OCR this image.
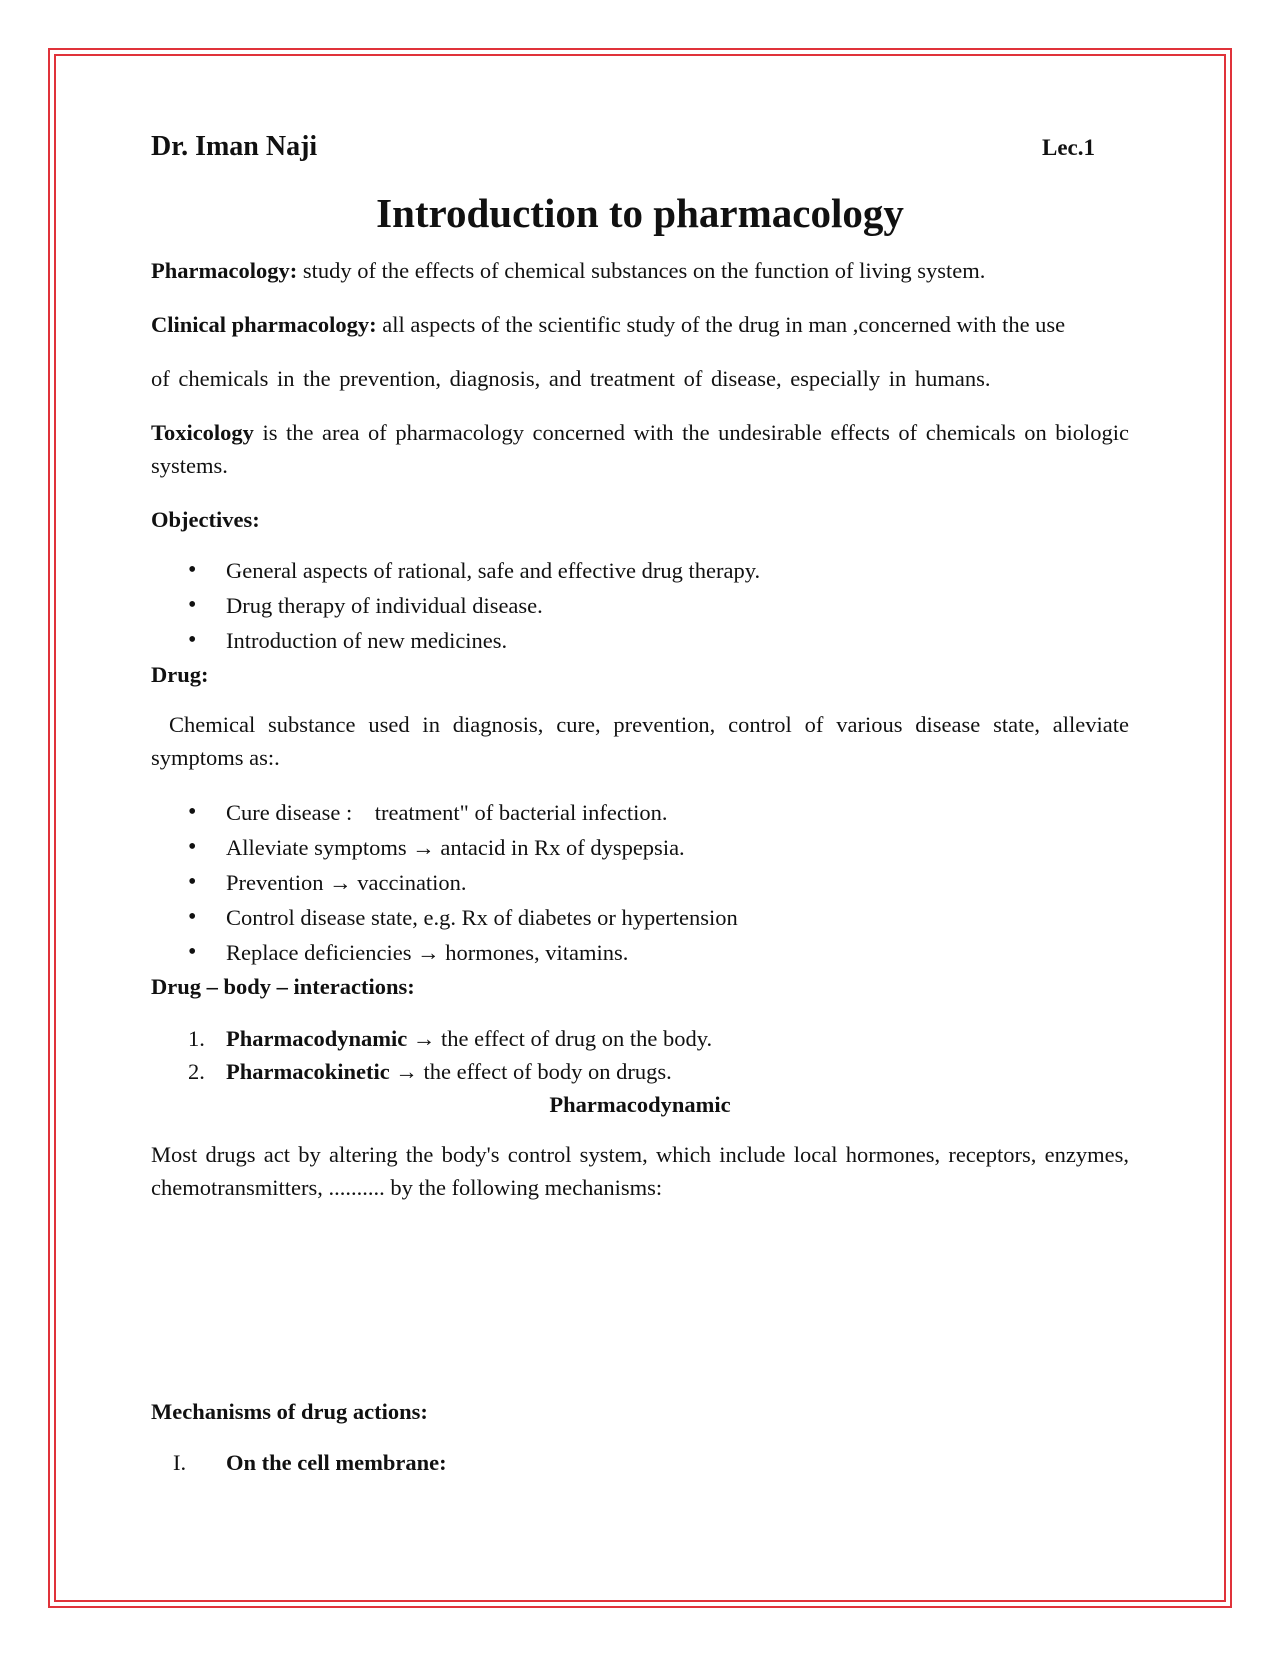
Dr. Iman Naji	Lec.1
Introduction to pharmacology

Pharmacology: study of the effects of chemical substances on the function of living system.

Clinical pharmacology: all aspects of the scientific study of the drug in man ,concerned with the use

of chemicals in the prevention, diagnosis, and treatment of disease, especially in humans.

Toxicology is the area of pharmacology concerned with the undesirable effects of chemicals on biologic systems.

Objectives:
• General aspects of rational, safe and effective drug therapy.
• Drug therapy of individual disease.
• Introduction of new medicines.
Drug:

Chemical substance used in diagnosis, cure, prevention, control of various disease state, alleviate symptoms as:.

• Cure disease :    treatment" of bacterial infection.
• Alleviate symptoms → antacid in Rx of dyspepsia.
• Prevention → vaccination.
• Control disease state, e.g. Rx of diabetes or hypertension
• Replace deficiencies → hormones, vitamins.
Drug – body – interactions:
1. Pharmacodynamic → the effect of drug on the body.
2. Pharmacokinetic → the effect of body on drugs.
Pharmacodynamic

Most drugs act by altering the body's control system, which include local hormones, receptors, enzymes, chemotransmitters, .......... by the following mechanisms:

Mechanisms of drug actions:
I. On the cell membrane:
